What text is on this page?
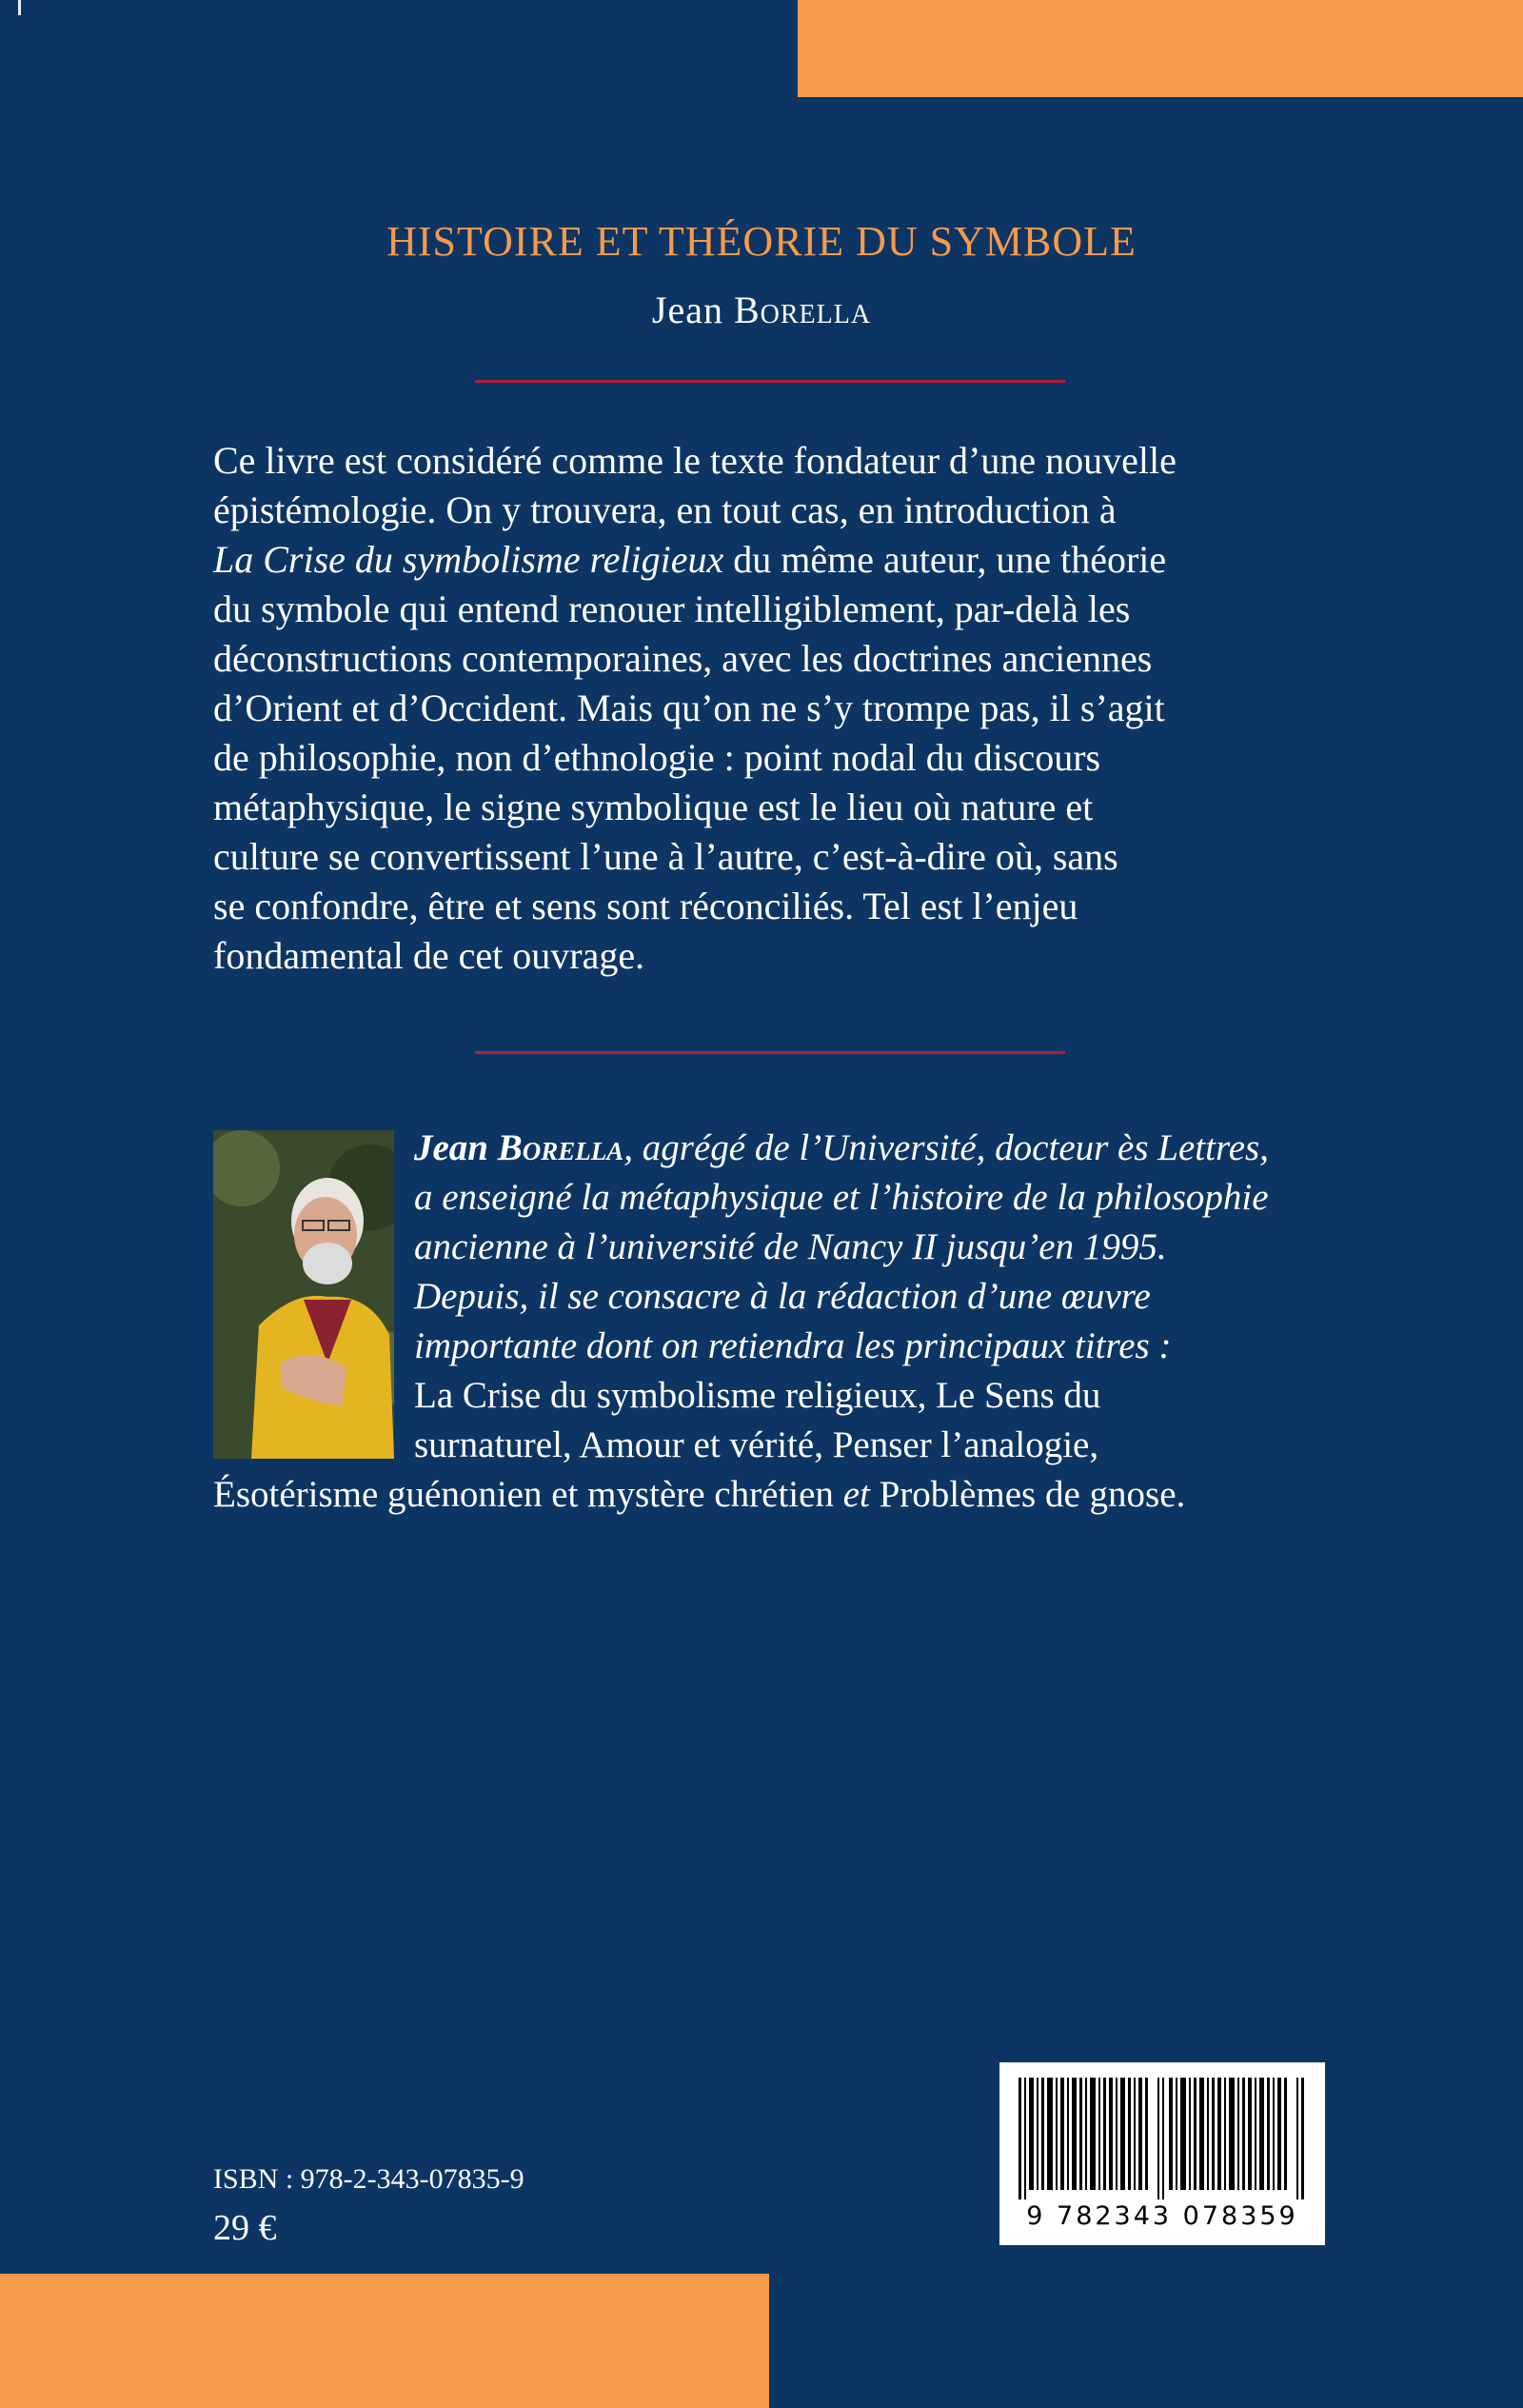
HISTOIRE ET THÉORIE DU SYMBOLE
Jean Borella
Ce livre est considéré comme le texte fondateur d’une nouvelle
épistémologie. On y trouvera, en tout cas, en introduction à
La Crise du symbolisme religieux du même auteur, une théorie
du symbole qui entend renouer intelligiblement, par-delà les
déconstructions contemporaines, avec les doctrines anciennes
d’Orient et d’Occident. Mais qu’on ne s’y trompe pas, il s’agit
de philosophie, non d’ethnologie : point nodal du discours
métaphysique, le signe symbolique est le lieu où nature et
culture se convertissent l’une à l’autre, c’est-à-dire où, sans
se confondre, être et sens sont réconciliés. Tel est l’enjeu
fondamental de cet ouvrage.
Jean Borella, agrégé de l’Université, docteur ès Lettres,
a enseigné la métaphysique et l’histoire de la philosophie
ancienne à l’université de Nancy II jusqu’en 1995.
Depuis, il se consacre à la rédaction d’une œuvre
importante dont on retiendra les principaux titres :
La Crise du symbolisme religieux, Le Sens du
surnaturel, Amour et vérité, Penser l’analogie,
Ésotérisme guénonien et mystère chrétien et Problèmes de gnose.
9 782343 078359
ISBN : 978-2-343-07835-9
29 €
